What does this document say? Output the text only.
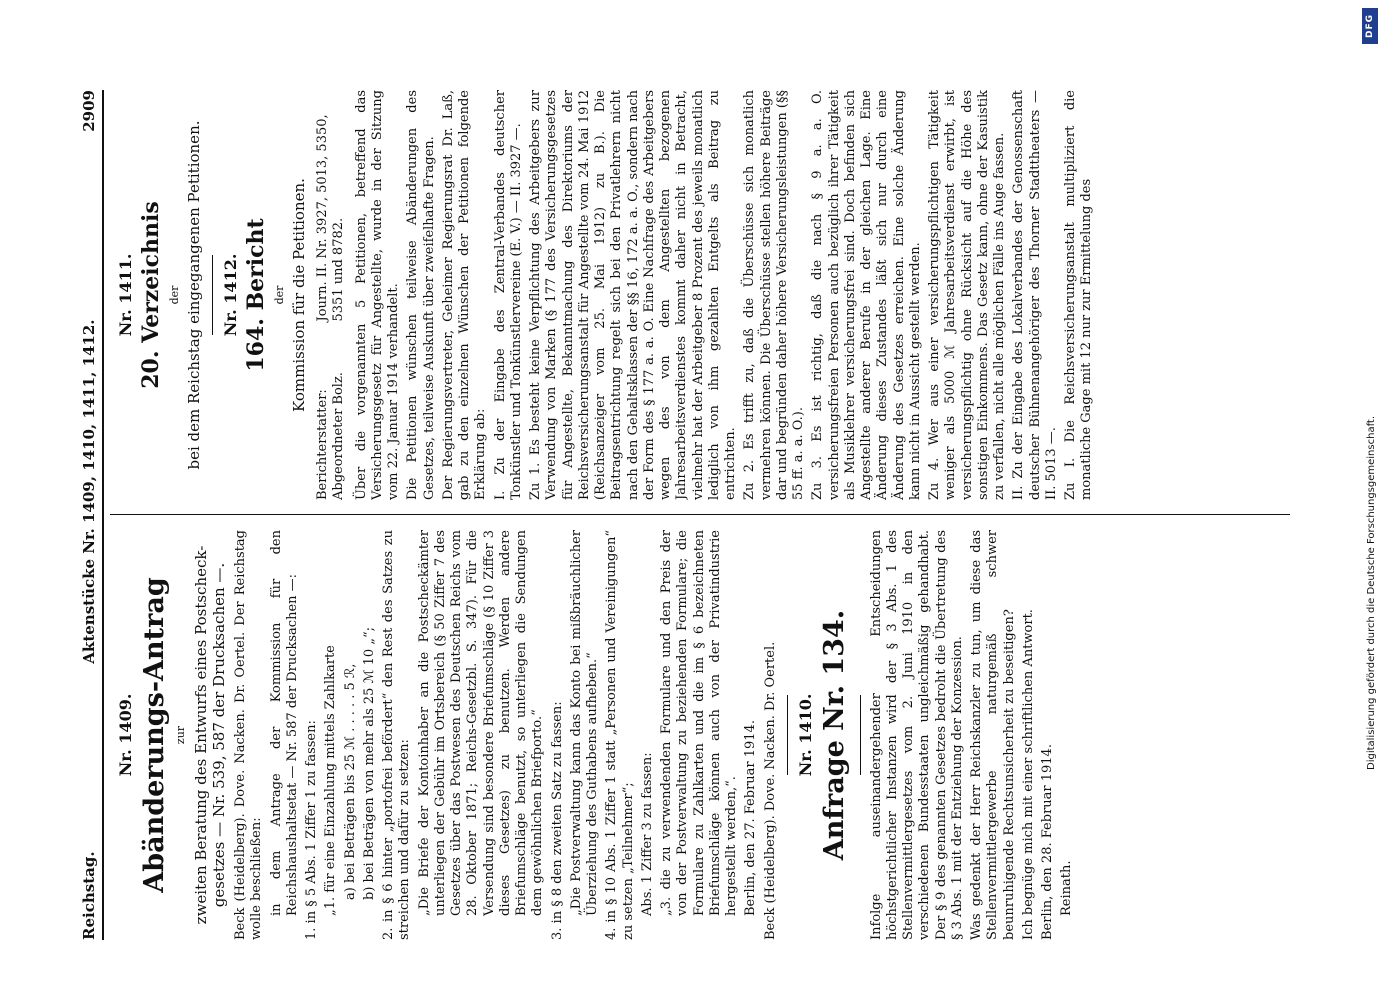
DFG
Digitalisierung gefördert durch die Deutsche Forschungsgemeinschaft.
Reichstag.
Aktenstücke Nr. 1409, 1410, 1411, 1412.
2909
Nr. 1409. Abänderungs-Antrag zur zweiten Beratung des Entwurfs eines Postscheck-gesetzes — Nr. 539, 587 der Drucksachen —. Beck (Heidelberg). Dove. Nacken. Dr. Oertel. Der Reichstag wolle beschließen: in dem Antrage der Kommission für den Reichshaushaltsetat — Nr. 587 der Drucksachen —: 1. in § 5 Abs. 1 Ziffer 1 zu fassen: „1. für eine Einzahlung mittels Zahlkarte a) bei Beträgen bis 25 ℳ . . . . . 5 ℛ, b) bei Beträgen von mehr als 25 ℳ 10 „“; 2. in § 6 hinter „portofrei befördert“ den Rest des Satzes zu streichen und dafür zu setzen: „Die Briefe der Kontoinhaber an die Postscheckämter unterliegen der Gebühr im Ortsbereich (§ 50 Ziffer 7 des Gesetzes über das Postwesen des Deutschen Reichs vom 28. Oktober 1871; Reichs-Gesetzbl. S. 347). Für die Versendung sind besondere Briefumschläge (§ 10 Ziffer 3 dieses Gesetzes) zu benutzen. Werden andere Briefumschläge benutzt, so unterliegen die Sendungen dem gewöhnlichen Briefporto.“ 3. in § 8 den zweiten Satz zu fassen: „Die Postverwaltung kann das Konto bei mißbräuchlicher Überziehung des Guthabens aufheben.“ 4. in § 10 Abs. 1 Ziffer 1 statt „Personen und Vereinigungen“ zu setzen „Teilnehmer“; Abs. 1 Ziffer 3 zu fassen: „3. die zu verwendenden Formulare und den Preis der von der Postverwaltung zu beziehenden Formulare; die Formulare zu Zahlkarten und die im § 6 bezeichneten Briefumschläge können auch von der Privatindustrie hergestellt werden,“. Berlin, den 27. Februar 1914. Beck (Heidelberg). Dove. Nacken. Dr. Oertel. Nr. 1410. Anfrage Nr. 134. Infolge auseinandergehender Entscheidungen höchstgerichtlicher Instanzen wird der § 3 Abs. 1 des Stellenvermittlergesetzes vom 2. Juni 1910 in den verschiedenen Bundesstaaten ungleichmäßig gehandhabt. Der § 9 des genannten Gesetzes bedroht die Übertretung des § 3 Abs. 1 mit der Entziehung der Konzession. Was gedenkt der Herr Reichskanzler zu tun, um diese das Stellenvermittlergewerbe naturgemäß schwer beunruhigende Rechtsunsicherheit zu beseitigen? Ich begnüge mich mit einer schriftlichen Antwort. Berlin, den 28. Februar 1914. Reinath.

Nr. 1411. 20. Verzeichnis der bei dem Reichstag eingegangenen Petitionen. Nr. 1412. 164. Bericht der Kommission für die Petitionen.
Berichterstatter: Abgeordneter Bolz.
Journ. II. Nr. 3927, 5013, 5350, 5351 und 8782. Über die vorgenannten 5 Petitionen, betreffend das Versicherungsgesetz für Angestellte, wurde in der Sitzung vom 22. Januar 1914 verhandelt. Die Petitionen wünschen teilweise Abänderungen des Gesetzes, teilweise Auskunft über zweifelhafte Fragen. Der Regierungsvertreter, Geheimer Regierungsrat Dr. Laß, gab zu den einzelnen Wünschen der Petitionen folgende Erklärung ab: I. Zu der Eingabe des Zentral-Verbandes deutscher Tonkünstler und Tonkünstlervereine (E. V.) — II. 3927 —. Zu 1. Es besteht keine Verpflichtung des Arbeitgebers zur Verwendung von Marken (§ 177 des Versicherungsgesetzes für Angestellte, Bekanntmachung des Direktoriums der Reichsversicherungsanstalt für Angestellte vom 24. Mai 1912 (Reichsanzeiger vom 25. Mai 1912) zu B.). Die Beitragsentrichtung regelt sich bei den Privatlehrern nicht nach den Gehaltsklassen der §§ 16, 172 a. a. O., sondern nach der Form des § 177 a. a. O. Eine Nachfrage des Arbeitgebers wegen des von dem Angestellten bezogenen Jahresarbeitsverdienstes kommt daher nicht in Betracht, vielmehr hat der Arbeitgeber 8 Prozent des jeweils monatlich lediglich von ihm gezahlten Entgelts als Beitrag zu entrichten. Zu 2. Es trifft zu, daß die Überschüsse sich monatlich vermehren können. Die Überschüsse stellen höhere Beiträge dar und begründen daher höhere Versicherungsleistungen (§§ 55 ff. a. a. O.). Zu 3. Es ist richtig, daß die nach § 9 a. a. O. versicherungsfreien Personen auch bezüglich ihrer Tätigkeit als Musiklehrer versicherungsfrei sind. Doch befinden sich Angestellte anderer Berufe in der gleichen Lage. Eine Änderung dieses Zustandes läßt sich nur durch eine Änderung des Gesetzes erreichen. Eine solche Änderung kann nicht in Aussicht gestellt werden. Zu 4. Wer aus einer versicherungspflichtigen Tätigkeit weniger als 5000 ℳ Jahresarbeitsverdienst erwirbt, ist versicherungspflichtig ohne Rücksicht auf die Höhe des sonstigen Einkommens. Das Gesetz kann, ohne der Kasuistik zu verfallen, nicht alle möglichen Fälle ins Auge fassen. II. Zu der Eingabe des Lokalverbandes der Genossenschaft deutscher Bühnenangehöriger des Thorner Stadttheaters — II. 5013 —. Zu I. Die Reichsversicherungsanstalt multipliziert die monatliche Gage mit 12 nur zur Ermittelung des
